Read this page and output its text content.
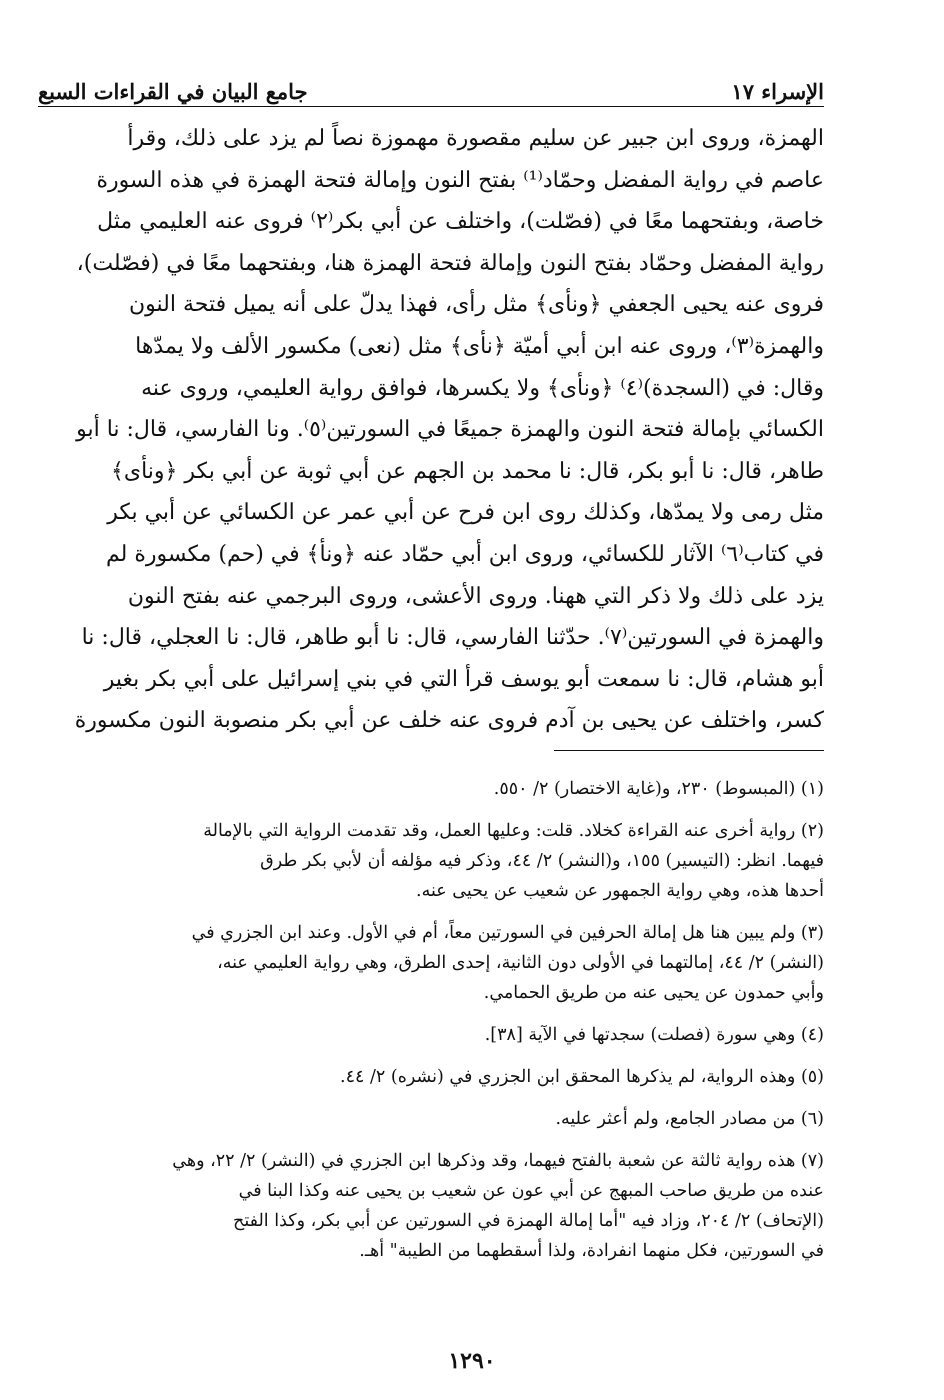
الإسراء ١٧
جامع البيان في القراءات السبع
الهمزة، وروى ابن جبير عن سليم مقصورة مهموزة نصاً لم يزد على ذلك، وقرأ
عاصم في رواية المفضل وحمّاد⁽¹⁾ بفتح النون وإمالة فتحة الهمزة في هذه السورة
خاصة، وبفتحهما معًا في (فصّلت)، واختلف عن أبي بكر⁽٢⁾ فروى عنه العليمي مثل
رواية المفضل وحمّاد بفتح النون وإمالة فتحة الهمزة هنا، وبفتحهما معًا في (فصّلت)،
فروى عنه يحيى الجعفي ﴿ونأى﴾ مثل رأى، فهذا يدلّ على أنه يميل فتحة النون
والهمزة⁽٣⁾، وروى عنه ابن أبي أميّة ﴿نأى﴾ مثل (نعى) مكسور الألف ولا يمدّها
وقال: في (السجدة)⁽٤⁾ ﴿ونأى﴾ ولا يكسرها، فوافق رواية العليمي، وروى عنه
الكسائي بإمالة فتحة النون والهمزة جميعًا في السورتين⁽٥⁾. ونا الفارسي، قال: نا أبو
طاهر، قال: نا أبو بكر، قال: نا محمد بن الجهم عن أبي ثوبة عن أبي بكر ﴿ونأى﴾
مثل رمى ولا يمدّها، وكذلك روى ابن فرح عن أبي عمر عن الكسائي عن أبي بكر
في كتاب⁽٦⁾ الآثار للكسائي، وروى ابن أبي حمّاد عنه ﴿ونأ﴾ في (حم) مكسورة لم
يزد على ذلك ولا ذكر التي ههنا. وروى الأعشى، وروى البرجمي عنه بفتح النون
والهمزة في السورتين⁽٧⁾. حدّثنا الفارسي، قال: نا أبو طاهر، قال: نا العجلي، قال: نا
أبو هشام، قال: نا سمعت أبو يوسف قرأ التي في بني إسرائيل على أبي بكر بغير
كسر، واختلف عن يحيى بن آدم فروى عنه خلف عن أبي بكر منصوبة النون مكسورة
(١) (المبسوط) ٢٣٠، و(غاية الاختصار) ٢/ ٥٥٠.
(٢) رواية أخرى عنه القراءة كخلاد. قلت: وعليها العمل، وقد تقدمت الرواية التي بالإمالة
فيهما. انظر: (التيسير) ١٥٥، و(النشر) ٢/ ٤٤، وذكر فيه مؤلفه أن لأبي بكر طرق
أحدها هذه، وهي رواية الجمهور عن شعيب عن يحيى عنه.
(٣) ولم يبين هنا هل إمالة الحرفين في السورتين معاً، أم في الأول. وعند ابن الجزري في
(النشر) ٢/ ٤٤، إمالتهما في الأولى دون الثانية، إحدى الطرق، وهي رواية العليمي عنه،
وأبي حمدون عن يحيى عنه من طريق الحمامي.
(٤) وهي سورة (فصلت) سجدتها في الآية [٣٨].
(٥) وهذه الرواية، لم يذكرها المحقق ابن الجزري في (نشره) ٢/ ٤٤.
(٦) من مصادر الجامع، ولم أعثر عليه.
(٧) هذه رواية ثالثة عن شعبة بالفتح فيهما، وقد وذكرها ابن الجزري في (النشر) ٢/ ٢٢، وهي
عنده من طريق صاحب المبهج عن أبي عون عن شعيب بن يحيى عنه وكذا البنا في
(الإتحاف) ٢/ ٢٠٤، وزاد فيه "أما إمالة الهمزة في السورتين عن أبي بكر، وكذا الفتح
في السورتين، فكل منهما انفرادة، ولذا أسقطهما من الطيبة" أهـ.
١٢٩٠
